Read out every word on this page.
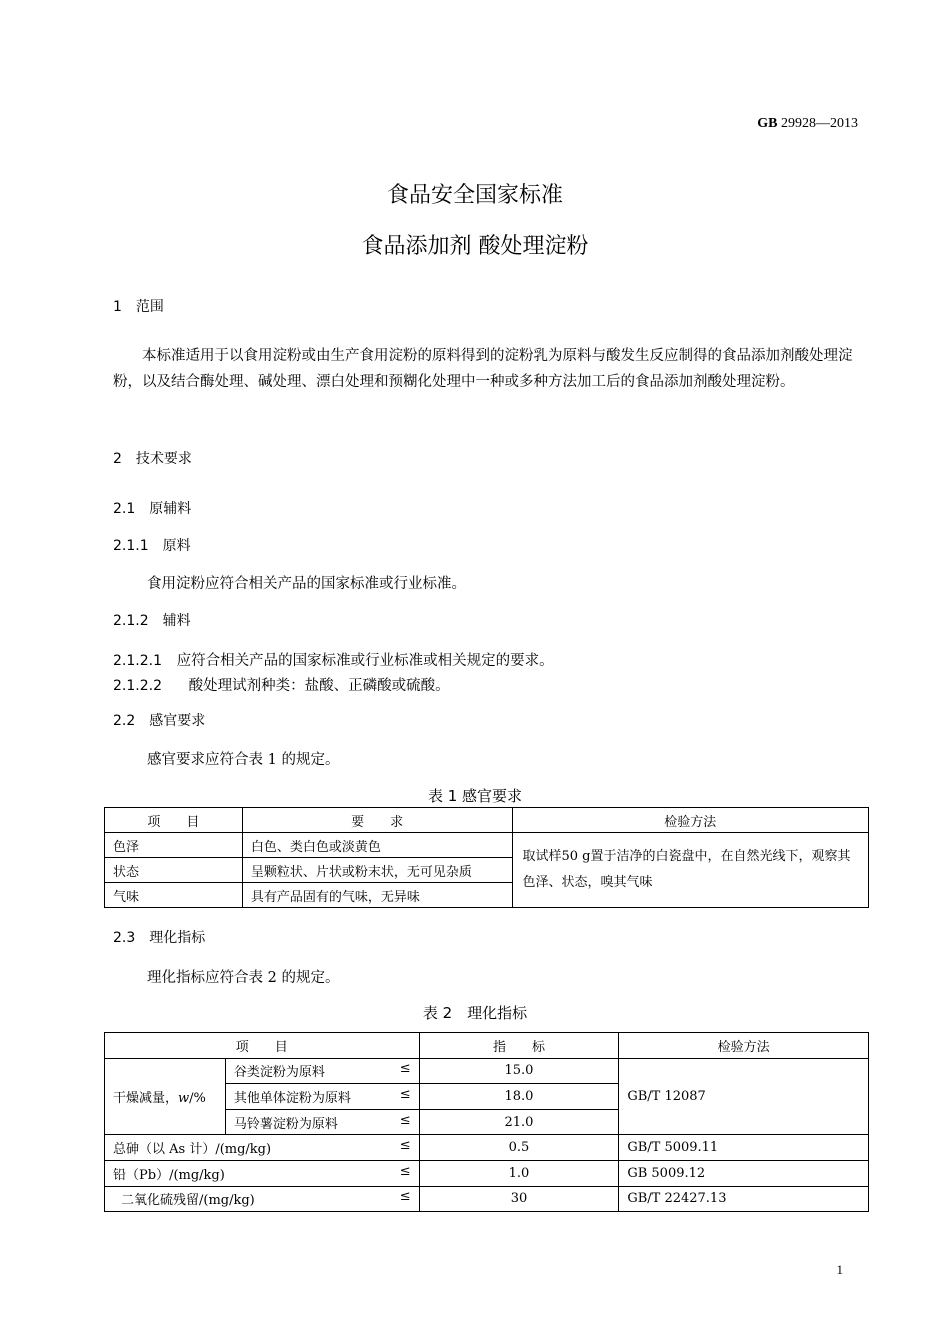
GB 29928—2013
食品安全国家标准
食品添加剂 酸处理淀粉
1　范围
本标准适用于以食用淀粉或由生产食用淀粉的原料得到的淀粉乳为原料与酸发生反应制得的食品添加剂酸处理淀粉，以及结合酶处理、碱处理、漂白处理和预糊化处理中一种或多种方法加工后的食品添加剂酸处理淀粉。
2　技术要求
2.1　原辅料
2.1.1　原料
食用淀粉应符合相关产品的国家标准或行业标准。
2.1.2　辅料
2.1.2.1 应符合相关产品的国家标准或行业标准或相关规定的要求。
2.1.2.2 酸处理试剂种类：盐酸、正磷酸或硫酸。
2.2　感官要求
感官要求应符合表 1 的规定。
表 1 感官要求
项　　目	要　　求	检验方法
色泽	白色、类白色或淡黄色	取试样50 g置于洁净的白瓷盘中，在自然光线下，观察其色泽、状态，嗅其气味
状态	呈颗粒状、片状或粉末状，无可见杂质	
气味	具有产品固有的气味，无异味	
2.3　理化指标
理化指标应符合表 2 的规定。
表 2　理化指标
项　　目		指　　标	检验方法
干燥减量，w/%	谷类淀粉为原料 ≤	15.0	GB/T 12087
	其他单体淀粉为原料 ≤	18.0	
	马铃薯淀粉为原料 ≤	21.0	
总砷（以 As 计）/(mg/kg) ≤		0.5	GB/T 5009.11
铅（Pb）/(mg/kg) ≤		1.0	GB 5009.12
二氧化硫残留/(mg/kg) ≤		30	GB/T 22427.13
1
